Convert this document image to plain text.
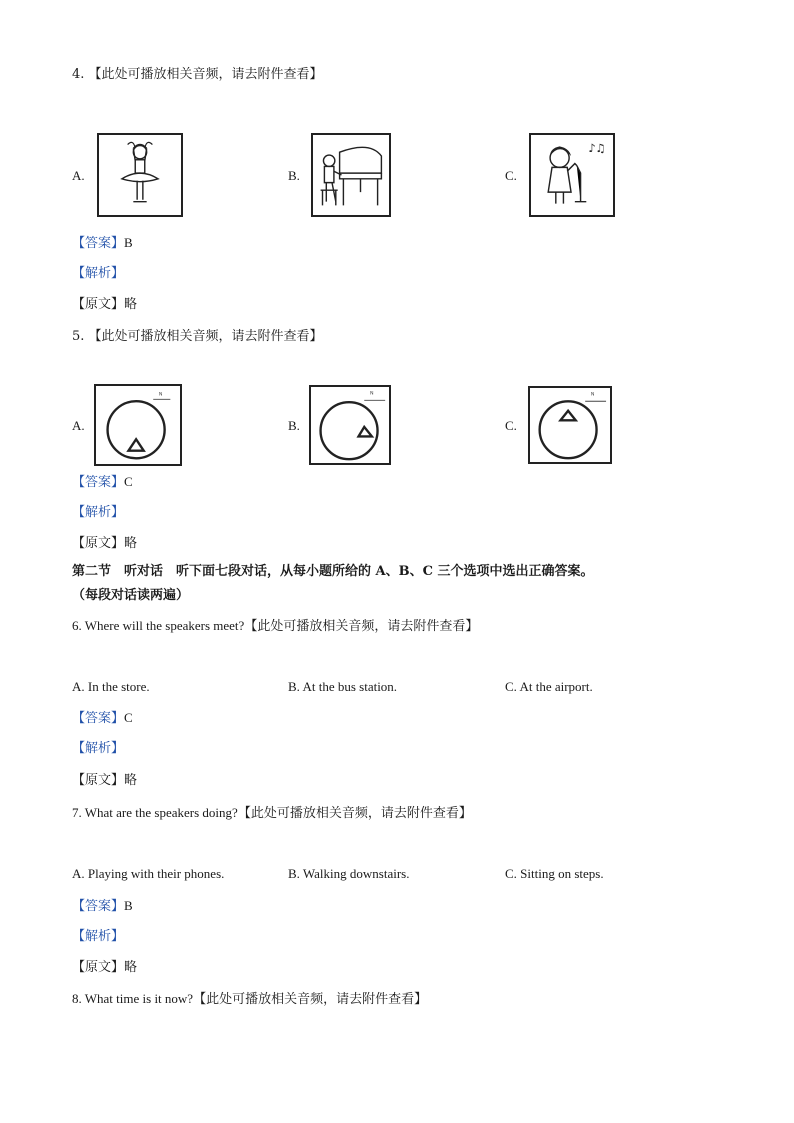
4. 【此处可播放相关音频，请去附件查看】
A.	B.	C.
♪♫
【答案】B
【解析】
【原文】略
5. 【此处可播放相关音频，请去附件查看】
A.
N
B.
N
C.
N
【答案】C
【解析】
【原文】略
第二节　听对话　听下面七段对话，从每小题所给的 A、B、C 三个选项中选出正确答案。
（每段对话读两遍）
6. Where will the speakers meet?【此处可播放相关音频，请去附件查看】
A. In the store.	B. At the bus station.	C. At the airport.
【答案】C
【解析】
【原文】略
7. What are the speakers doing?【此处可播放相关音频，请去附件查看】
A. Playing with their phones.	B. Walking downstairs.	C. Sitting on steps.
【答案】B
【解析】
【原文】略
8. What time is it now?【此处可播放相关音频，请去附件查看】
